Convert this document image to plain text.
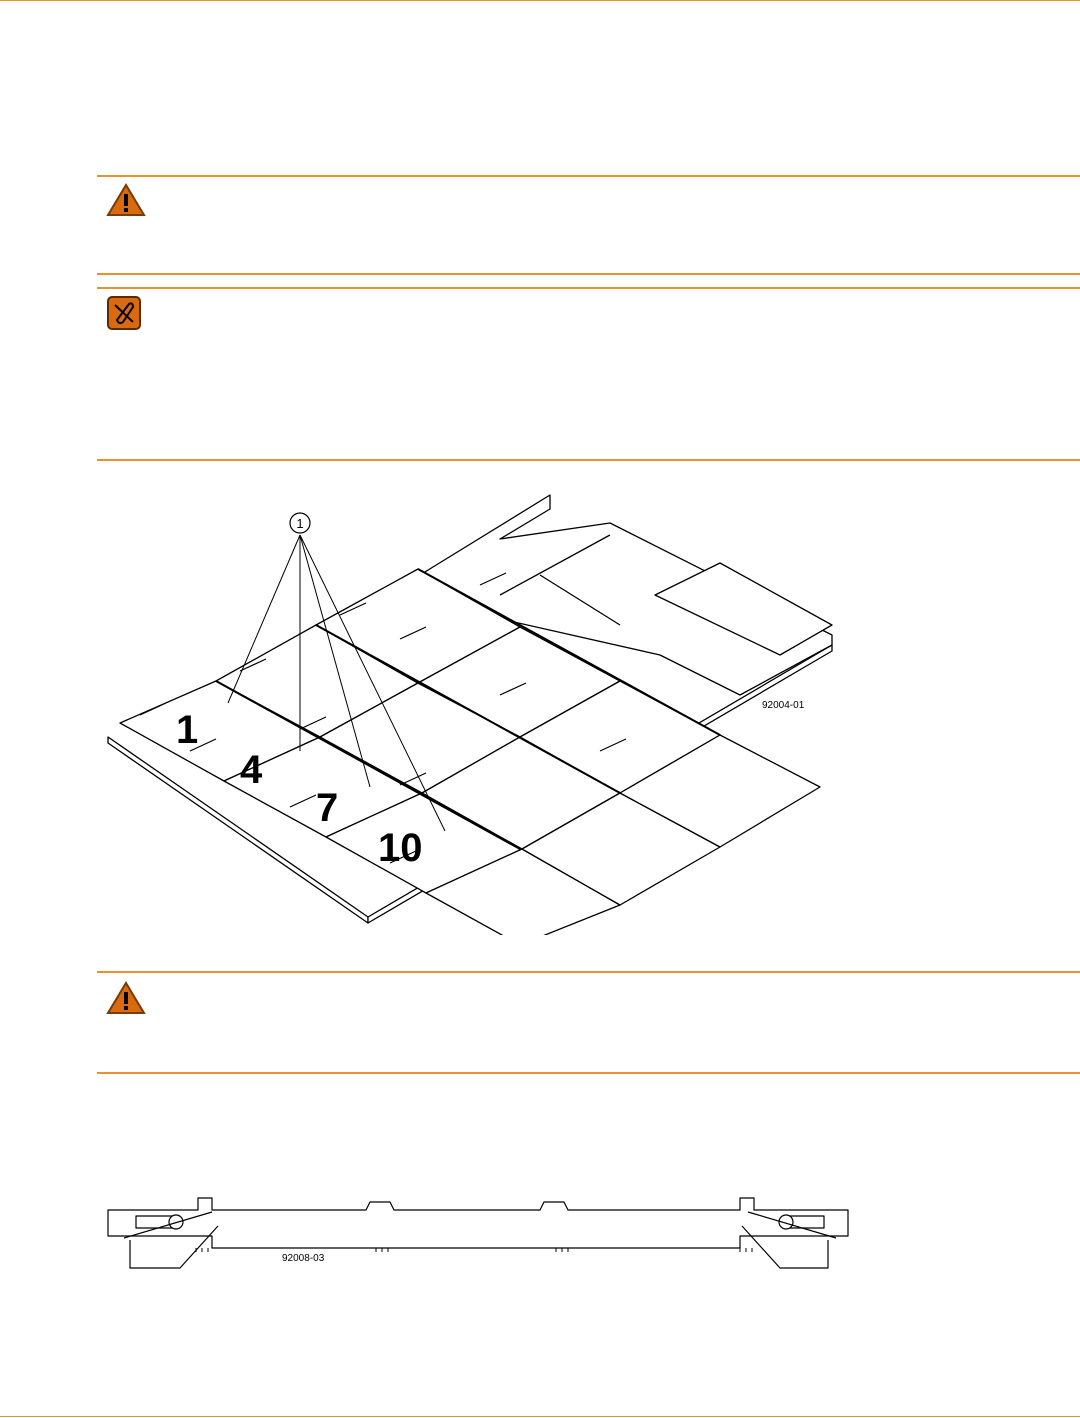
1
1
4
7
10
92004-01
92008-03
